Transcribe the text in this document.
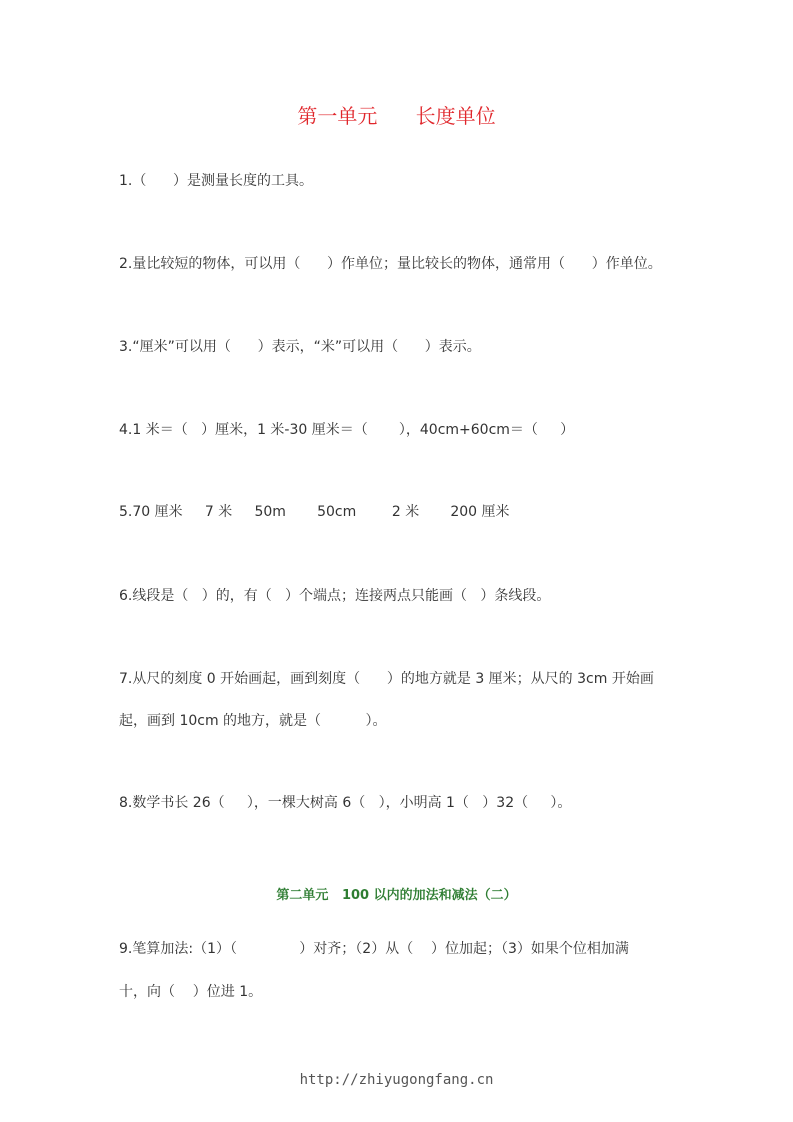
第一单元      长度单位
1.（      ）是测量长度的工具。
2.量比较短的物体，可以用（      ）作单位；量比较长的物体，通常用（      ）作单位。
3.“厘米”可以用（      ）表示，“米”可以用（      ）表示。
4.1 米＝（   ）厘米，1 米-30 厘米＝（       ），40cm+60cm＝（     ）
5.70 厘米     7 米     50m       50cm        2 米       200 厘米
6.线段是（   ）的，有（   ）个端点；连接两点只能画（   ）条线段。
7.从尺的刻度 0 开始画起，画到刻度（      ）的地方就是 3 厘米；从尺的 3cm 开始画
起，画到 10cm 的地方，就是（          ）。
8.数学书长 26（     ），一棵大树高 6（   ），小明高 1（   ）32（     ）。
第二单元   100 以内的加法和减法（二）
9.笔算加法:（1）（              ）对齐；（2）从（    ）位加起；（3）如果个位相加满
十，向（    ）位进 1。
http://zhiyugongfang.cn
